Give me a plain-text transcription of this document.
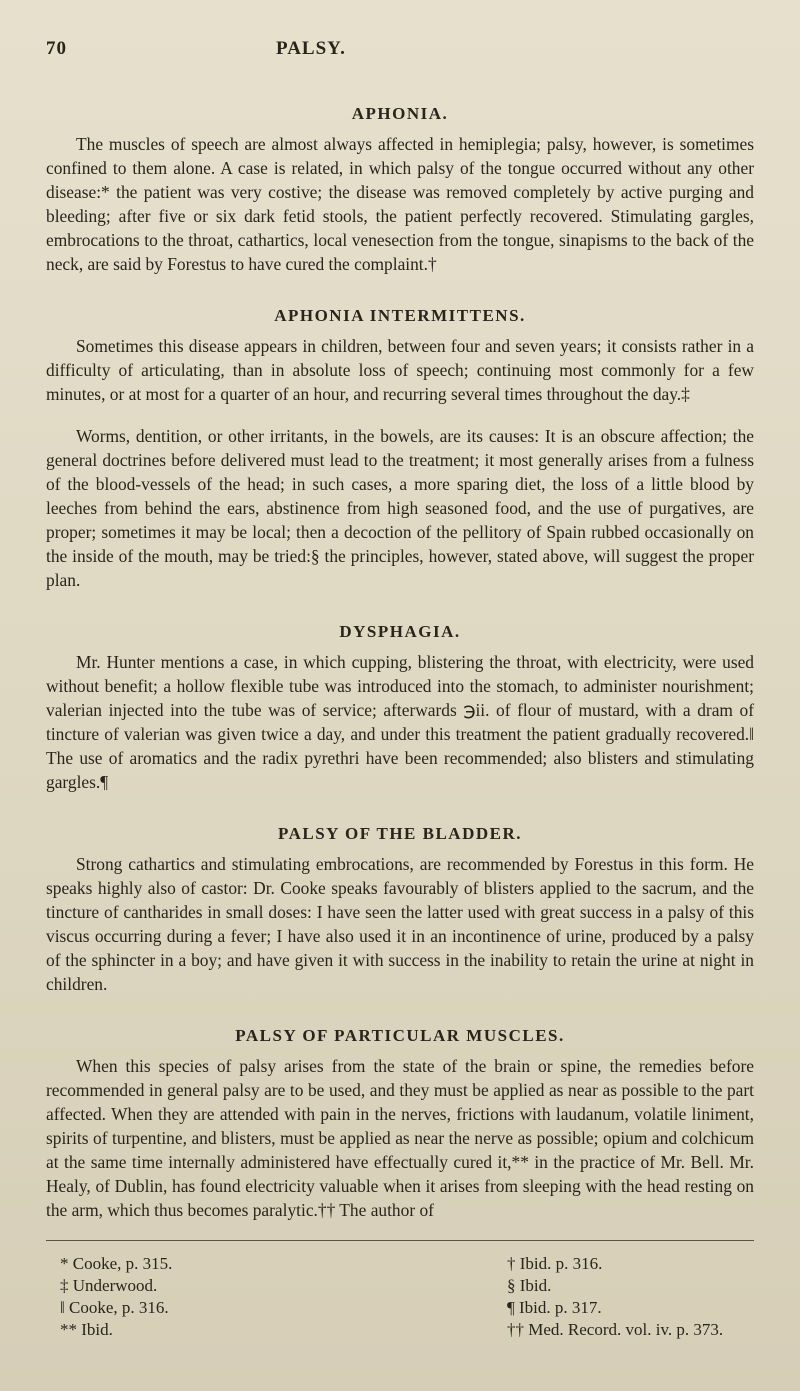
70	PALSY.
APHONIA.

The muscles of speech are almost always affected in hemiplegia; palsy, however, is sometimes confined to them alone. A case is related, in which palsy of the tongue occurred without any other disease:* the patient was very costive; the disease was removed completely by active purging and bleeding; after five or six dark fetid stools, the patient perfectly recovered. Stimulating gargles, embrocations to the throat, cathartics, local venesection from the tongue, sinapisms to the back of the neck, are said by Forestus to have cured the complaint.†

APHONIA INTERMITTENS.

Sometimes this disease appears in children, between four and seven years; it consists rather in a difficulty of articulating, than in absolute loss of speech; continuing most commonly for a few minutes, or at most for a quarter of an hour, and recurring several times throughout the day.‡

Worms, dentition, or other irritants, in the bowels, are its causes: It is an obscure affection; the general doctrines before delivered must lead to the treatment; it most generally arises from a fulness of the blood-vessels of the head; in such cases, a more sparing diet, the loss of a little blood by leeches from behind the ears, abstinence from high seasoned food, and the use of purgatives, are proper; sometimes it may be local; then a decoction of the pellitory of Spain rubbed occasionally on the inside of the mouth, may be tried:§ the principles, however, stated above, will suggest the proper plan.

DYSPHAGIA.

Mr. Hunter mentions a case, in which cupping, blistering the throat, with electricity, were used without benefit; a hollow flexible tube was introduced into the stomach, to administer nourishment; valerian injected into the tube was of service; afterwards ℈ii. of flour of mustard, with a dram of tincture of valerian was given twice a day, and under this treatment the patient gradually recovered.‖ The use of aromatics and the radix pyrethri have been recommended; also blisters and stimulating gargles.¶

PALSY OF THE BLADDER.

Strong cathartics and stimulating embrocations, are recommended by Forestus in this form. He speaks highly also of castor: Dr. Cooke speaks favourably of blisters applied to the sacrum, and the tincture of cantharides in small doses: I have seen the latter used with great success in a palsy of this viscus occurring during a fever; I have also used it in an incontinence of urine, produced by a palsy of the sphincter in a boy; and have given it with success in the inability to retain the urine at night in children.

PALSY OF PARTICULAR MUSCLES.

When this species of palsy arises from the state of the brain or spine, the remedies before recommended in general palsy are to be used, and they must be applied as near as possible to the part affected. When they are attended with pain in the nerves, frictions with laudanum, volatile liniment, spirits of turpentine, and blisters, must be applied as near the nerve as possible; opium and colchicum at the same time internally administered have effectually cured it,** in the practice of Mr. Bell. Mr. Healy, of Dublin, has found electricity valuable when it arises from sleeping with the head resting on the arm, which thus becomes paralytic.†† The author of

* Cooke, p. 315.	† Ibid. p. 316.
‡ Underwood.	§ Ibid.
‖ Cooke, p. 316.	¶ Ibid. p. 317.
** Ibid.	†† Med. Record. vol. iv. p. 373.
